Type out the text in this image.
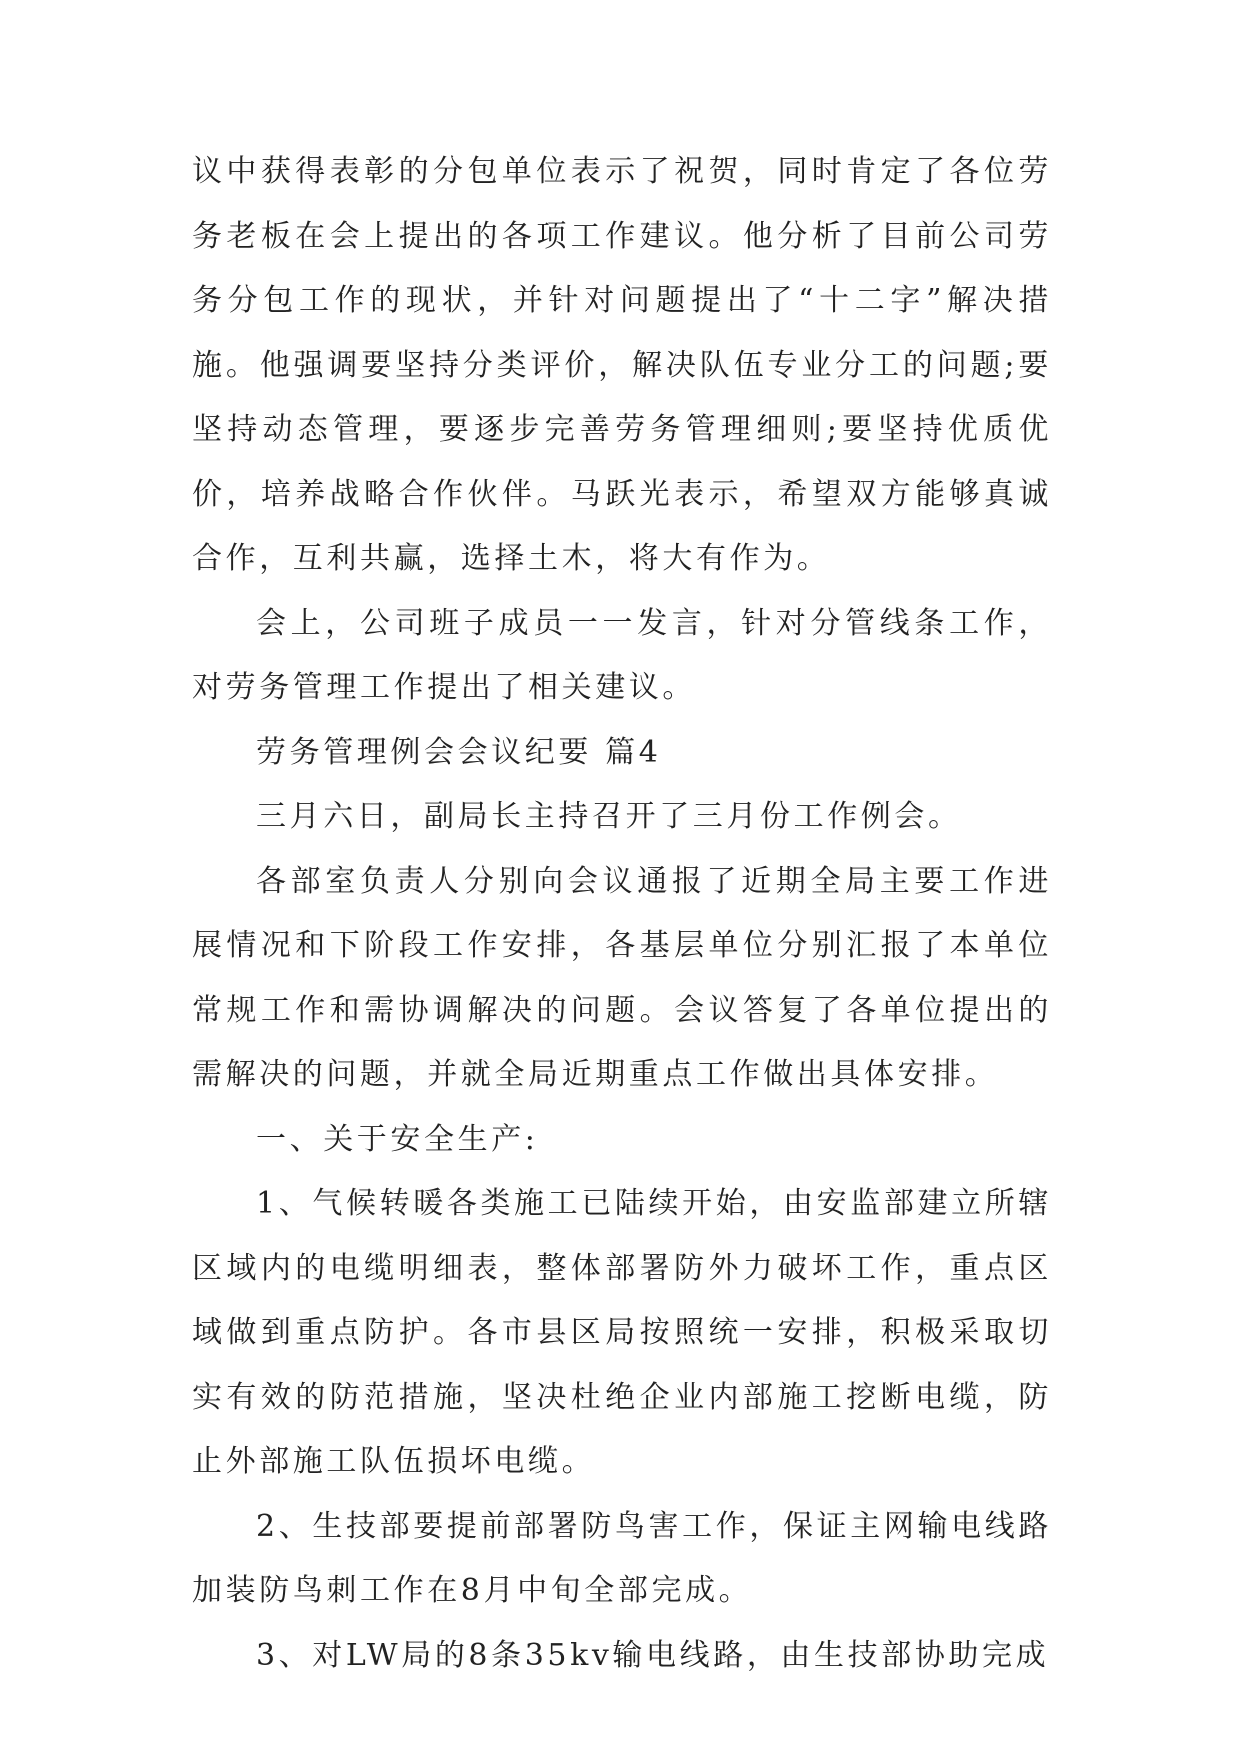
议中获得表彰的分包单位表示了祝贺，同时肯定了各位劳务老板在会上提出的各项工作建议。他分析了目前公司劳务分包工作的现状，并针对问题提出了“十二字”解决措施。他强调要坚持分类评价，解决队伍专业分工的问题;要坚持动态管理，要逐步完善劳务管理细则;要坚持优质优价，培养战略合作伙伴。马跃光表示，希望双方能够真诚合作，互利共赢，选择土木，将大有作为。

会上，公司班子成员一一发言，针对分管线条工作，对劳务管理工作提出了相关建议。

劳务管理例会会议纪要 篇4

三月六日，副局长主持召开了三月份工作例会。

各部室负责人分别向会议通报了近期全局主要工作进展情况和下阶段工作安排，各基层单位分别汇报了本单位常规工作和需协调解决的问题。会议答复了各单位提出的需解决的问题，并就全局近期重点工作做出具体安排。

一、关于安全生产:

1、气候转暖各类施工已陆续开始，由安监部建立所辖区域内的电缆明细表，整体部署防外力破坏工作，重点区域做到重点防护。各市县区局按照统一安排，积极采取切实有效的防范措施，坚决杜绝企业内部施工挖断电缆，防止外部施工队伍损坏电缆。

2、生技部要提前部署防鸟害工作，保证主网输电线路加装防鸟刺工作在8月中旬全部完成。

3、对LW局的8条35kv输电线路，由生技部协助完成
